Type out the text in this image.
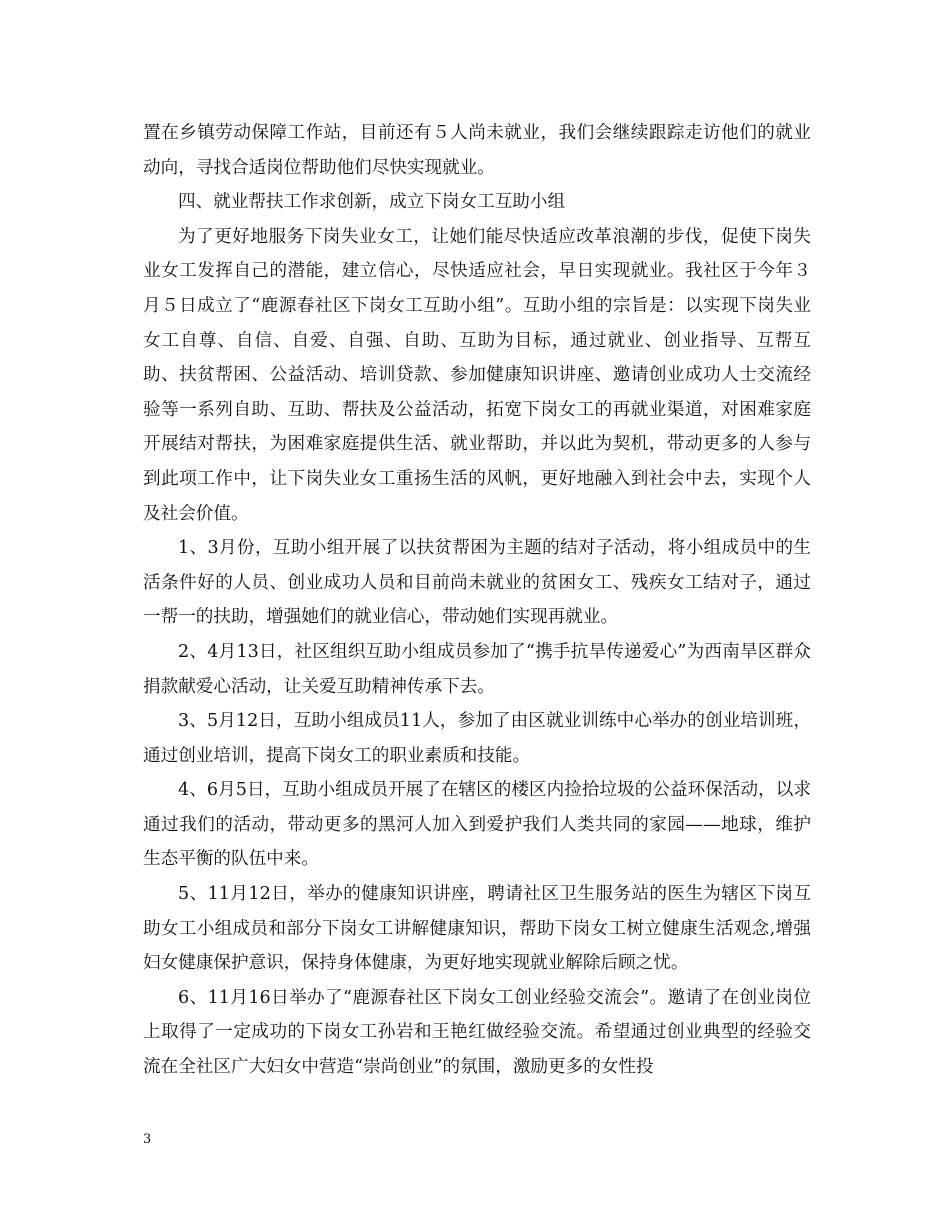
置在乡镇劳动保障工作站，目前还有５人尚未就业，我们会继续跟踪走访他们的就业动向，寻找合适岗位帮助他们尽快实现就业。

四、就业帮扶工作求创新，成立下岗女工互助小组

为了更好地服务下岗失业女工，让她们能尽快适应改革浪潮的步伐，促使下岗失业女工发挥自己的潜能，建立信心，尽快适应社会，早日实现就业。我社区于今年３月５日成立了“鹿源春社区下岗女工互助小组”。互助小组的宗旨是：以实现下岗失业女工自尊、自信、自爱、自强、自助、互助为目标，通过就业、创业指导、互帮互助、扶贫帮困、公益活动、培训贷款、参加健康知识讲座、邀请创业成功人士交流经验等一系列自助、互助、帮扶及公益活动，拓宽下岗女工的再就业渠道，对困难家庭开展结对帮扶，为困难家庭提供生活、就业帮助，并以此为契机，带动更多的人参与到此项工作中，让下岗失业女工重扬生活的风帆，更好地融入到社会中去，实现个人及社会价值。

1、3月份，互助小组开展了以扶贫帮困为主题的结对子活动，将小组成员中的生活条件好的人员、创业成功人员和目前尚未就业的贫困女工、残疾女工结对子，通过一帮一的扶助，增强她们的就业信心，带动她们实现再就业。

2、4月13日，社区组织互助小组成员参加了“携手抗旱传递爱心”为西南旱区群众捐款献爱心活动，让关爱互助精神传承下去。

3、5月12日，互助小组成员11人，参加了由区就业训练中心举办的创业培训班，通过创业培训，提高下岗女工的职业素质和技能。

4、6月5日，互助小组成员开展了在辖区的楼区内捡拾垃圾的公益环保活动，以求通过我们的活动，带动更多的黑河人加入到爱护我们人类共同的家园——地球，维护生态平衡的队伍中来。

5、11月12日，举办的健康知识讲座，聘请社区卫生服务站的医生为辖区下岗互助女工小组成员和部分下岗女工讲解健康知识，帮助下岗女工树立健康生活观念,增强妇女健康保护意识，保持身体健康，为更好地实现就业解除后顾之忧。

6、11月16日举办了“鹿源春社区下岗女工创业经验交流会”。邀请了在创业岗位上取得了一定成功的下岗女工孙岩和王艳红做经验交流。希望通过创业典型的经验交流在全社区广大妇女中营造“崇尚创业”的氛围，激励更多的女性投

3
